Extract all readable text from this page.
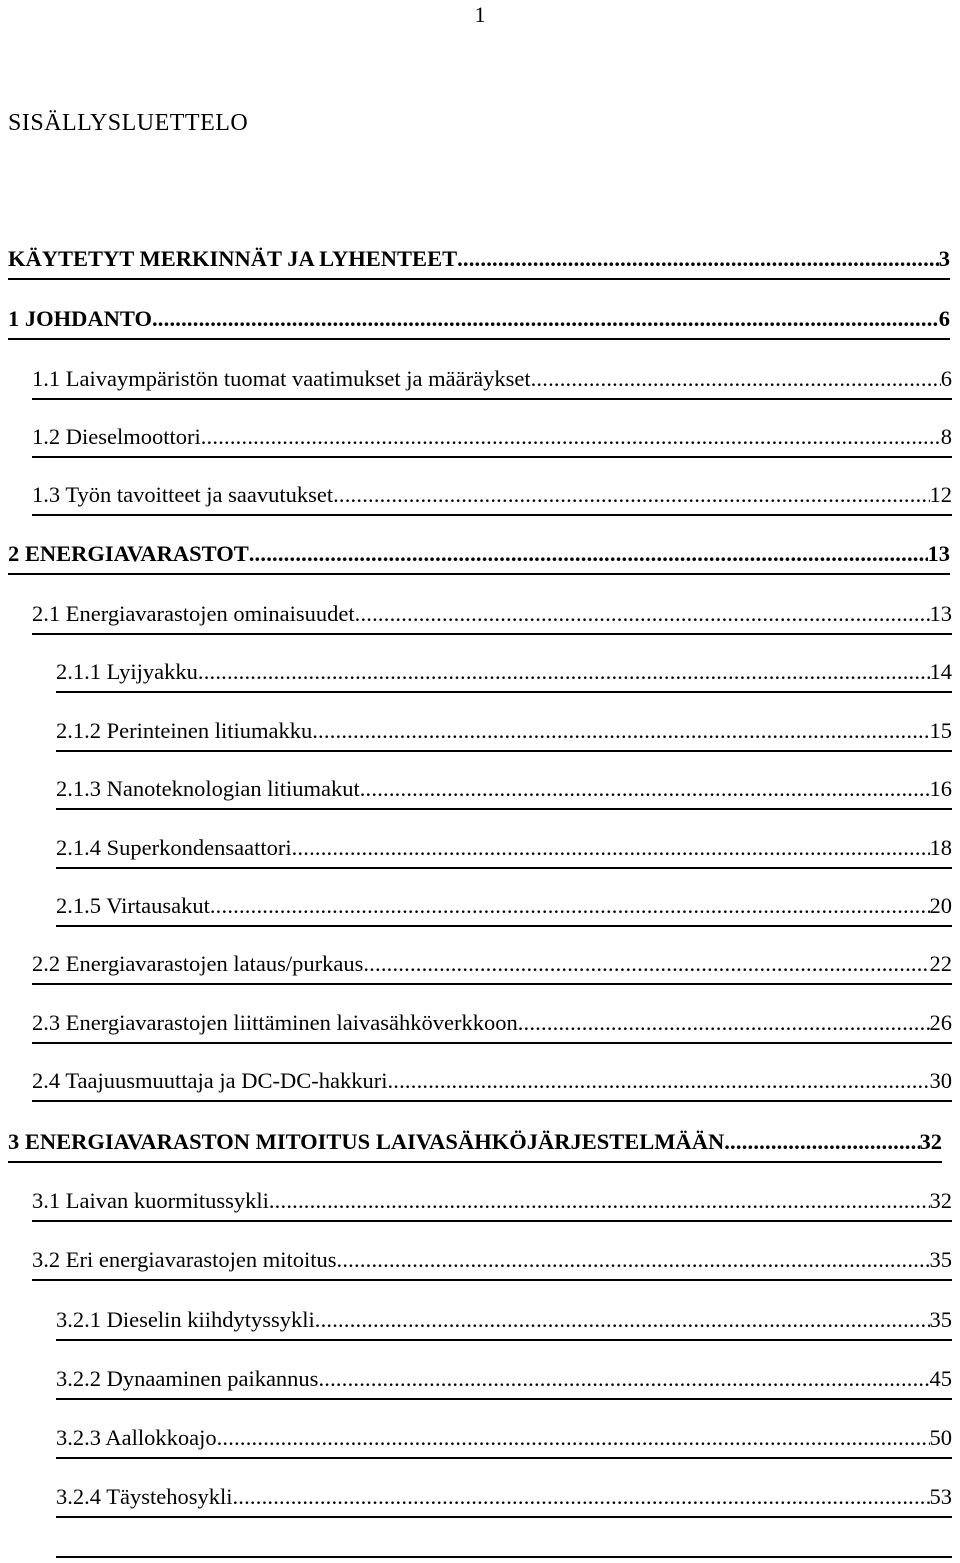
1
SISÄLLYSLUETTELO
KÄYTETYT MERKINNÄT JA LYHENTEET .....	3
1 JOHDANTO .....	6
1.1 Laivaympäristön tuomat vaatimukset ja määräykset .....	6
1.2 Dieselmoottori .....	8
1.3 Työn tavoitteet ja saavutukset .....	12
2 ENERGIAVARASTOT .....	13
2.1 Energiavarastojen ominaisuudet .....	13
2.1.1 Lyijyakku .....	14
2.1.2 Perinteinen litiumakku .....	15
2.1.3 Nanoteknologian litiumakut .....	16
2.1.4 Superkondensaattori .....	18
2.1.5 Virtausakut .....	20
2.2 Energiavarastojen lataus/purkaus .....	22
2.3 Energiavarastojen liittäminen laivasähköverkkoon .....	26
2.4 Taajuusmuuttaja ja DC-DC-hakkuri .....	30
3 ENERGIAVARASTON MITOITUS LAIVASÄHKÖJÄRJESTELMÄÄN .....	32
3.1 Laivan kuormitussykli .....	32
3.2 Eri energiavarastojen mitoitus .....	35
3.2.1 Dieselin kiihdytyssykli .....	35
3.2.2 Dynaaminen paikannus .....	45
3.2.3 Aallokkoajo .....	50
3.2.4 Täystehosykli .....	53
